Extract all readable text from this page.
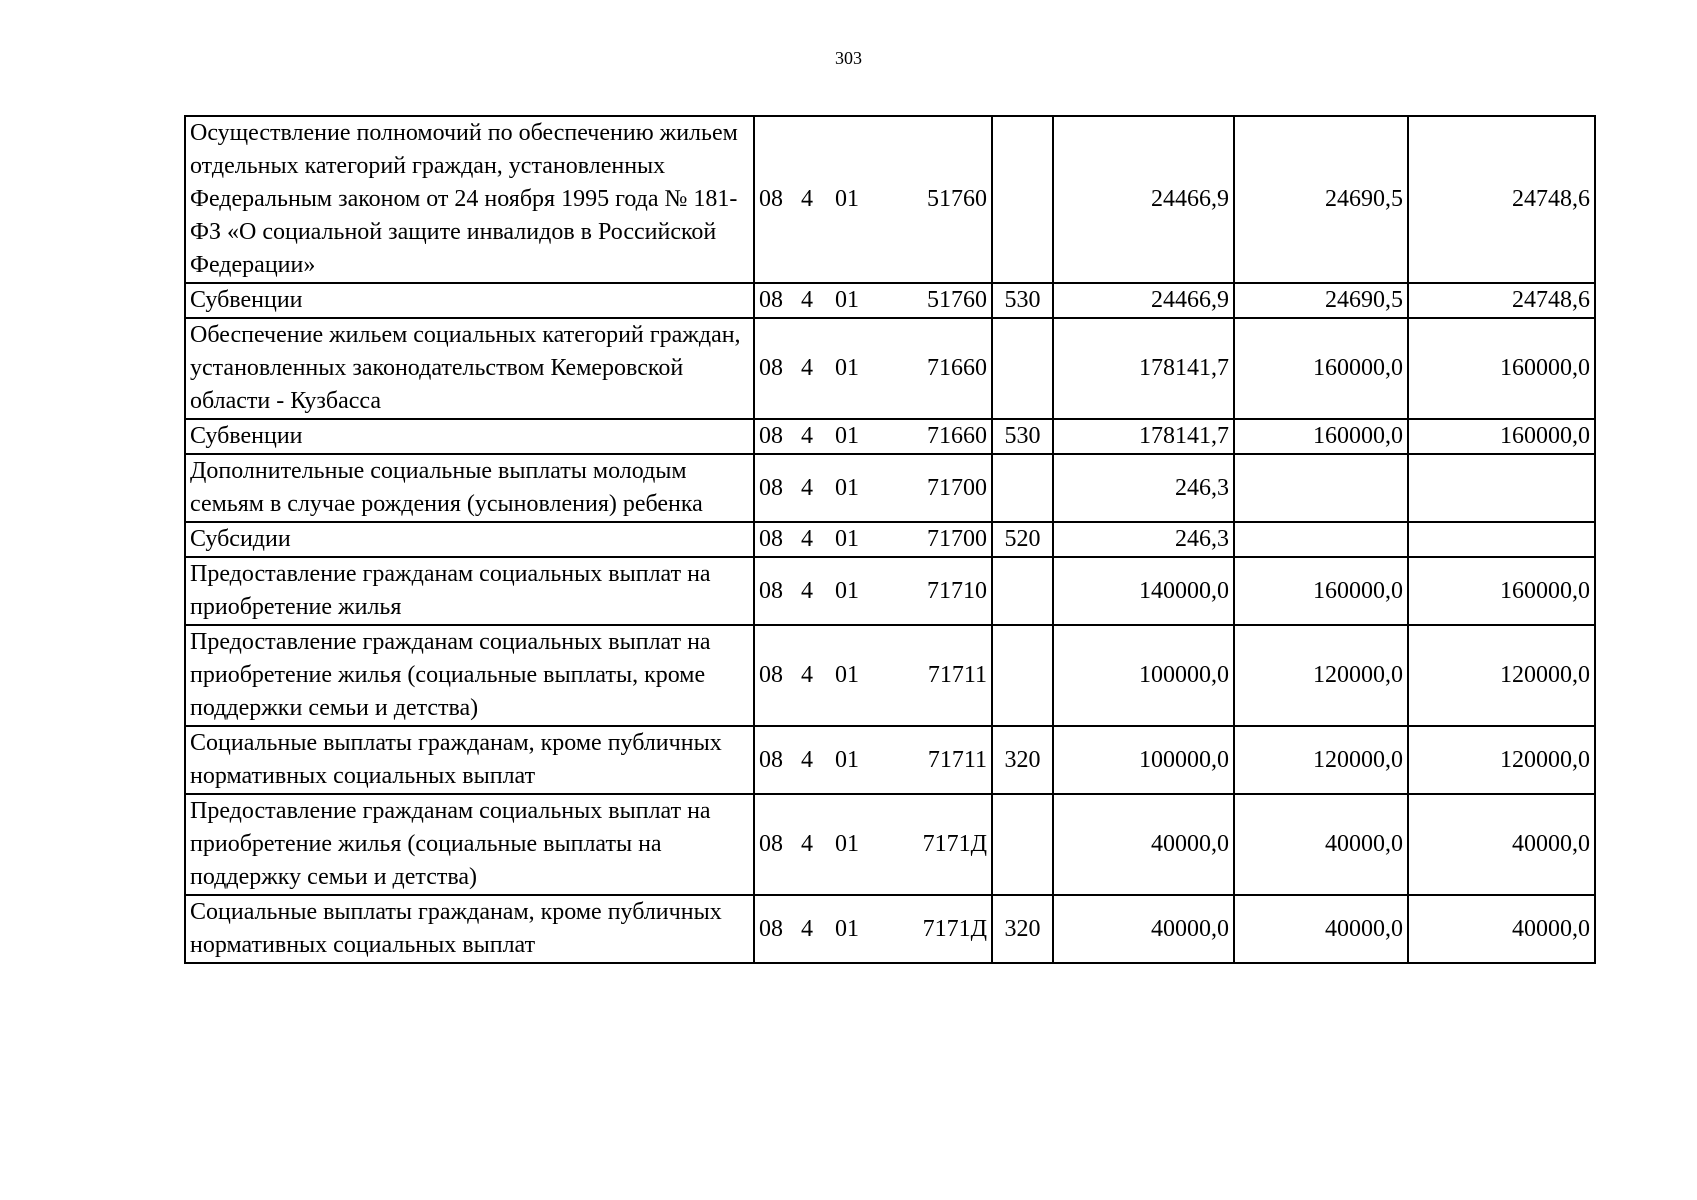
303
Осуществление полномочий по обеспечению жильем отдельных категорий граждан, установленных Федеральным законом от 24 ноября 1995 года № 181-ФЗ «О социальной защите инвалидов в Российской Федерации»	08 4 01 51760		24466,9	24690,5	24748,6
Субвенции	08 4 01 51760	530	24466,9	24690,5	24748,6
Обеспечение жильем социальных категорий граждан, установленных законодательством Кемеровской области - Кузбасса	08 4 01 71660		178141,7	160000,0	160000,0
Субвенции	08 4 01 71660	530	178141,7	160000,0	160000,0
Дополнительные социальные выплаты молодым семьям в случае рождения (усыновления) ребенка	08 4 01 71700		246,3		
Субсидии	08 4 01 71700	520	246,3		
Предоставление гражданам социальных выплат на приобретение жилья	08 4 01 71710		140000,0	160000,0	160000,0
Предоставление гражданам социальных выплат на приобретение жилья (социальные выплаты, кроме поддержки семьи и детства)	08 4 01 71711		100000,0	120000,0	120000,0
Социальные выплаты гражданам, кроме публичных нормативных социальных выплат	08 4 01 71711	320	100000,0	120000,0	120000,0
Предоставление гражданам социальных выплат на приобретение жилья (социальные выплаты на поддержку семьи и детства)	08 4 01 7171Д		40000,0	40000,0	40000,0
Социальные выплаты гражданам, кроме публичных нормативных социальных выплат	08 4 01 7171Д	320	40000,0	40000,0	40000,0
